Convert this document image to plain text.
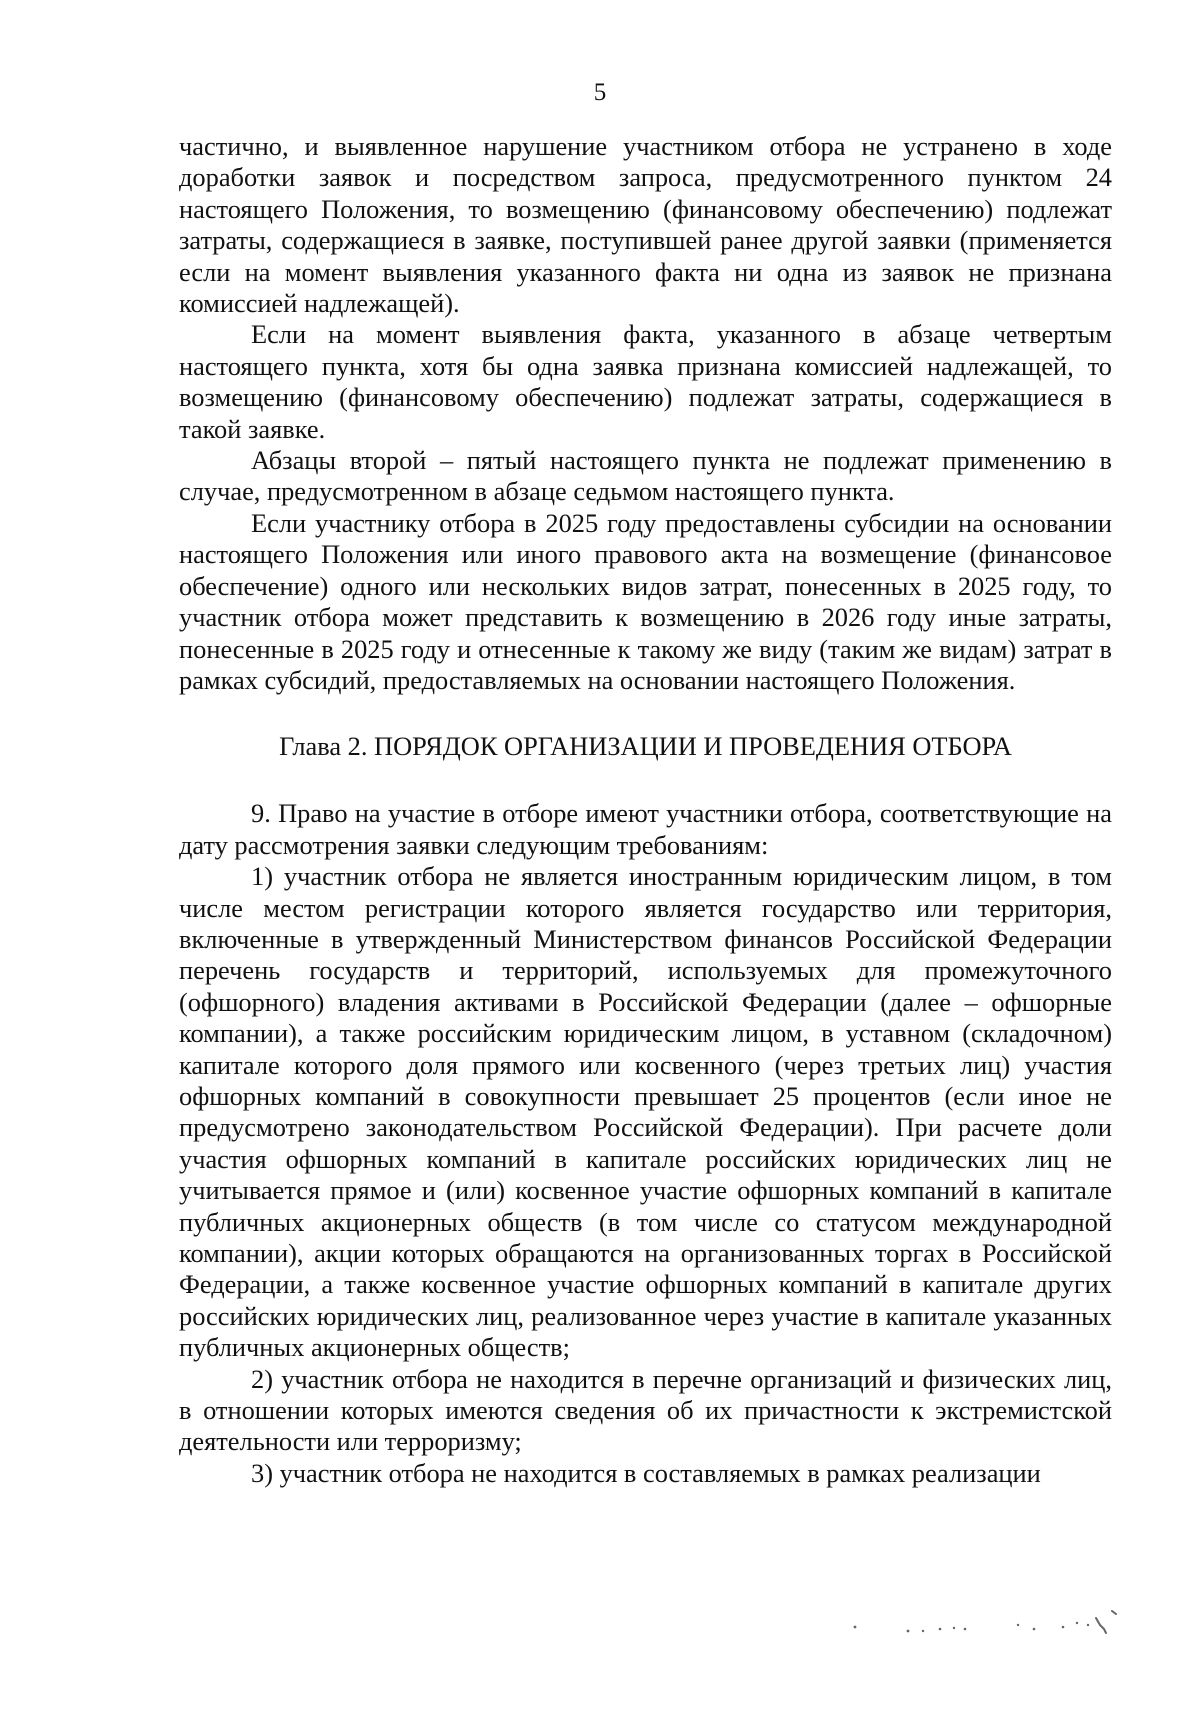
5

частично, и выявленное нарушение участником отбора не устранено в ходе доработки заявок и посредством запроса, предусмотренного пунктом 24 настоящего Положения, то возмещению (финансовому обеспечению) подлежат затраты, содержащиеся в заявке, поступившей ранее другой заявки (применяется если на момент выявления указанного факта ни одна из заявок не признана комиссией надлежащей).

Если на момент выявления факта, указанного в абзаце четвертым настоящего пункта, хотя бы одна заявка признана комиссией надлежащей, то возмещению (финансовому обеспечению) подлежат затраты, содержащиеся в такой заявке.

Абзацы второй – пятый настоящего пункта не подлежат применению в случае, предусмотренном в абзаце седьмом настоящего пункта.

Если участнику отбора в 2025 году предоставлены субсидии на основании настоящего Положения или иного правового акта на возмещение (финансовое обеспечение) одного или нескольких видов затрат, понесенных в 2025 году, то участник отбора может представить к возмещению в 2026 году иные затраты, понесенные в 2025 году и отнесенные к такому же виду (таким же видам) затрат в рамках субсидий, предоставляемых на основании настоящего Положения.

Глава 2. ПОРЯДОК ОРГАНИЗАЦИИ И ПРОВЕДЕНИЯ ОТБОРА

9. Право на участие в отборе имеют участники отбора, соответствующие на дату рассмотрения заявки следующим требованиям:

1) участник отбора не является иностранным юридическим лицом, в том числе местом регистрации которого является государство или территория, включенные в утвержденный Министерством финансов Российской Федерации перечень государств и территорий, используемых для промежуточного (офшорного) владения активами в Российской Федерации (далее – офшорные компании), а также российским юридическим лицом, в уставном (складочном) капитале которого доля прямого или косвенного (через третьих лиц) участия офшорных компаний в совокупности превышает 25 процентов (если иное не предусмотрено законодательством Российской Федерации). При расчете доли участия офшорных компаний в капитале российских юридических лиц не учитывается прямое и (или) косвенное участие офшорных компаний в капитале публичных акционерных обществ (в том числе со статусом международной компании), акции которых обращаются на организованных торгах в Российской Федерации, а также косвенное участие офшорных компаний в капитале других российских юридических лиц, реализованное через участие в капитале указанных публичных акционерных обществ;

2) участник отбора не находится в перечне организаций и физических лиц, в отношении которых имеются сведения об их причастности к экстремистской деятельности или терроризму;

3) участник отбора не находится в составляемых в рамках реализации
